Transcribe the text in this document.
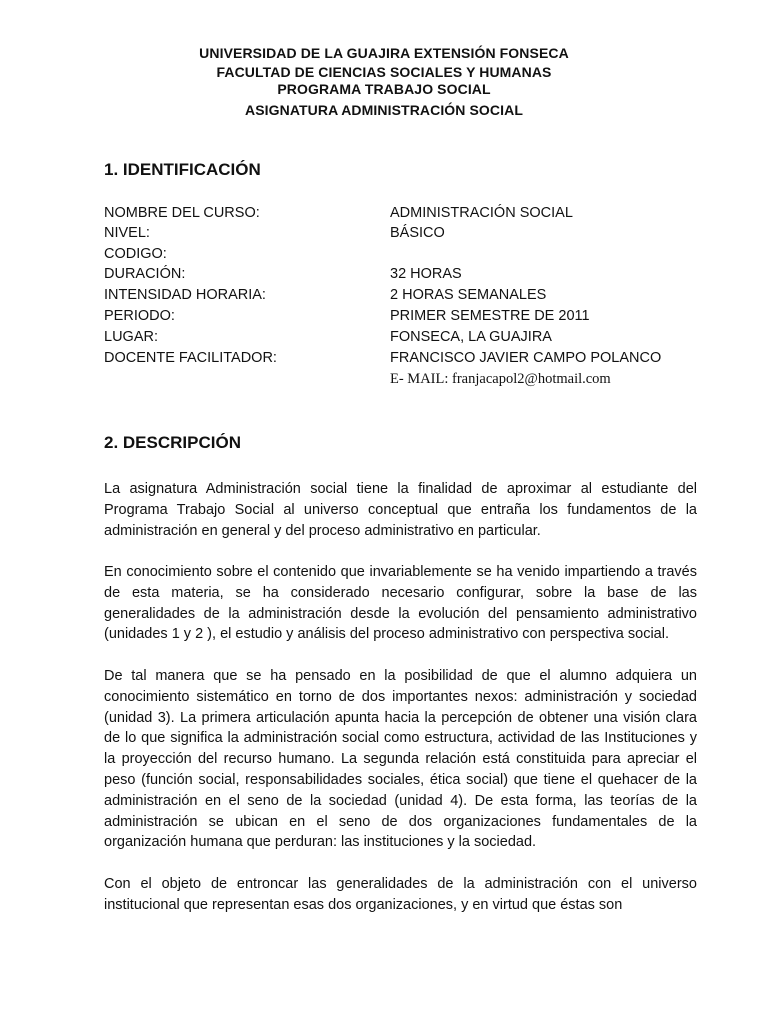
UNIVERSIDAD DE LA GUAJIRA EXTENSIÓN FONSECA
FACULTAD DE CIENCIAS SOCIALES Y HUMANAS
PROGRAMA TRABAJO SOCIAL
ASIGNATURA ADMINISTRACIÓN SOCIAL
1. IDENTIFICACIÓN
NOMBRE DEL CURSO:	ADMINISTRACIÓN SOCIAL
NIVEL:	BÁSICO
CODIGO:
DURACIÓN:	32 HORAS
INTENSIDAD HORARIA:	2 HORAS SEMANALES
PERIODO:	PRIMER SEMESTRE DE 2011
LUGAR:	FONSECA, LA GUAJIRA
DOCENTE FACILITADOR:	FRANCISCO JAVIER CAMPO POLANCO
E- MAIL: franjacapol2@hotmail.com
2. DESCRIPCIÓN

La asignatura Administración social tiene la finalidad de aproximar al estudiante del Programa Trabajo Social al universo conceptual que entraña los fundamentos de la administración en general y del proceso administrativo en particular.

En conocimiento sobre el contenido que invariablemente se ha venido impartiendo a través de esta materia, se ha considerado necesario configurar, sobre la base de las generalidades de la administración desde la evolución del pensamiento administrativo (unidades 1 y 2 ), el estudio y análisis del proceso administrativo con perspectiva social.

De tal manera que se ha pensado en la posibilidad de que el alumno adquiera un conocimiento sistemático en torno de dos importantes nexos: administración y sociedad (unidad 3). La primera articulación apunta hacia la percepción de obtener una visión clara de lo que significa la administración social como estructura, actividad de las Instituciones y la proyección del recurso humano. La segunda relación está constituida para apreciar el peso (función social, responsabilidades sociales, ética social) que tiene el quehacer de la administración en el seno de la sociedad (unidad 4). De esta forma, las teorías de la administración se ubican en el seno de dos organizaciones fundamentales de la organización humana que perduran: las instituciones y la sociedad.

Con el objeto de entroncar las generalidades de la administración con el universo institucional que representan esas dos organizaciones, y en virtud que éstas son
